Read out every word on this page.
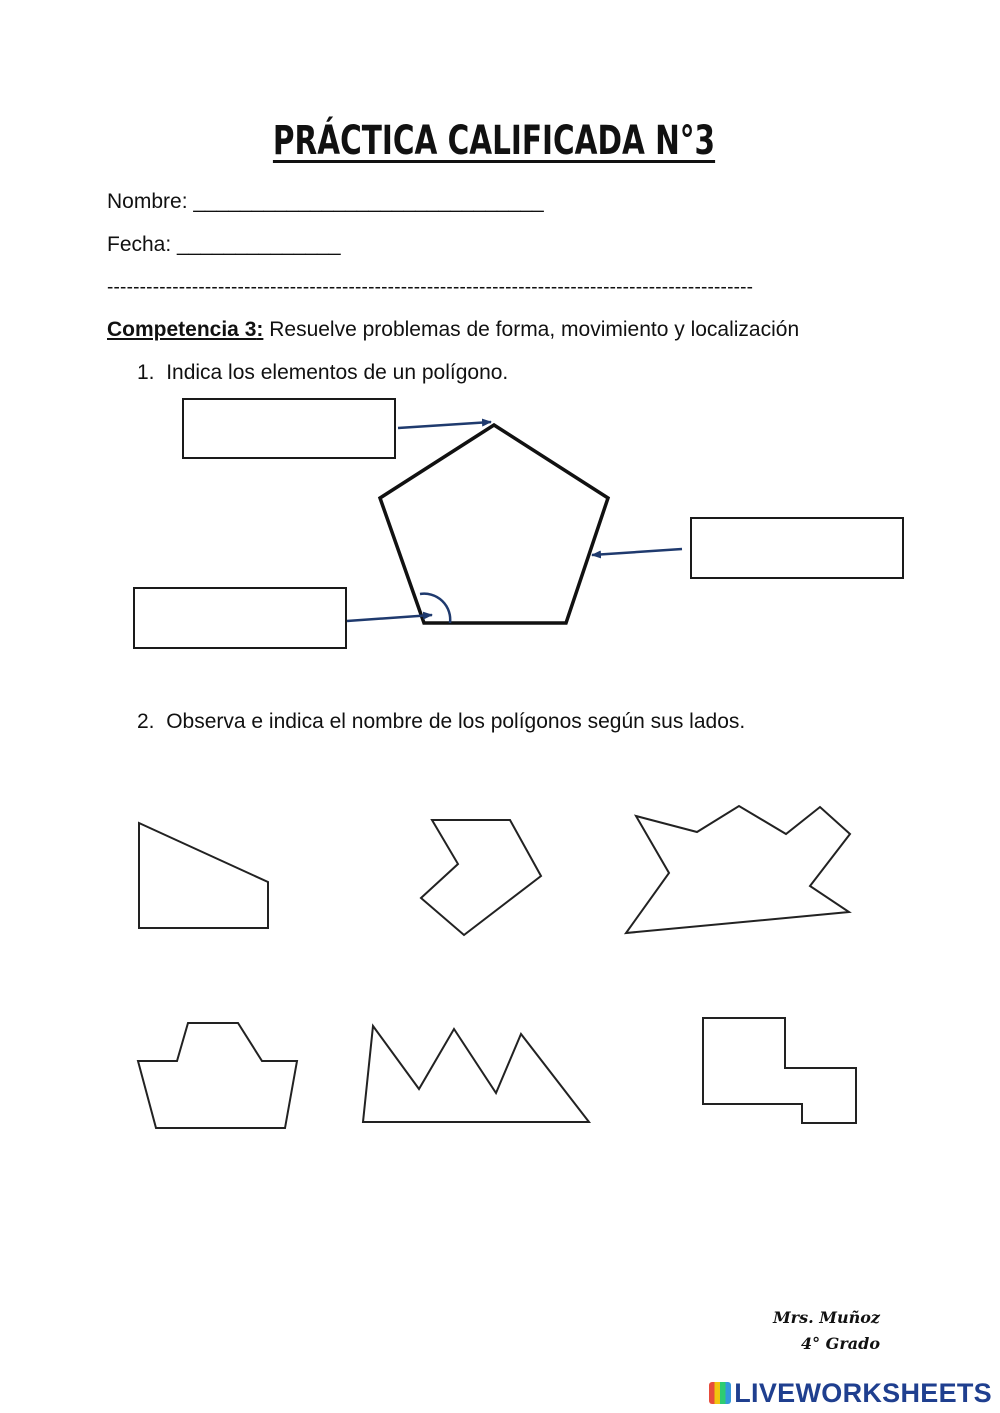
PRÁCTICA CALIFICADA N°3
Nombre: ______________________________
Fecha: ______________
---------------------------------------------------------------------------------------------------
Competencia 3: Resuelve problemas de forma, movimiento y localización
1. Indica los elementos de un polígono.
2. Observa e indica el nombre de los polígonos según sus lados.
Mrs. Muñoz
4° Grado
LIVEWORKSHEETS
